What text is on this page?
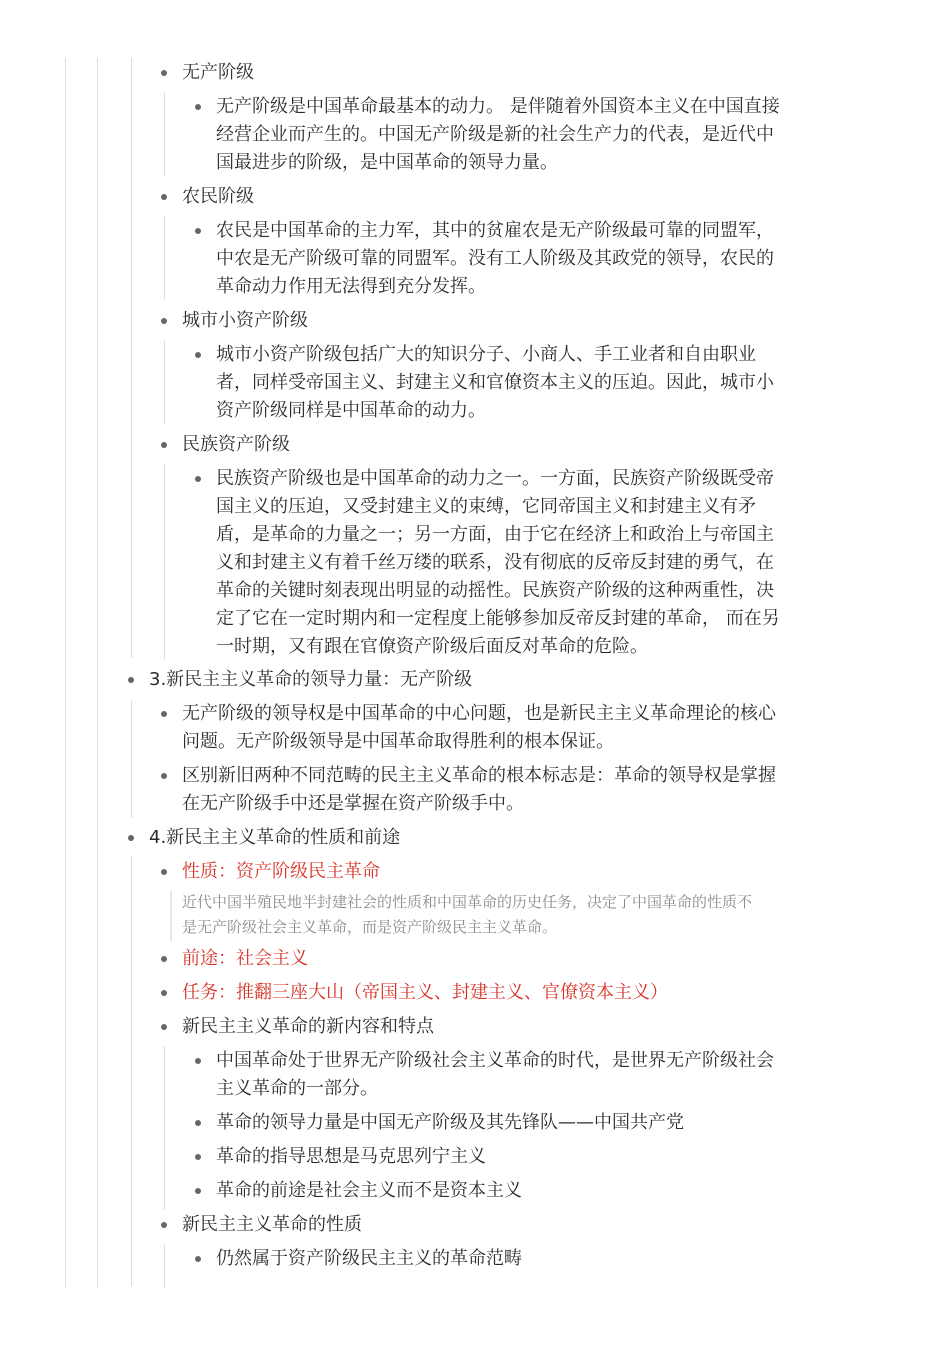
无产阶级
无产阶级是中国革命最基本的动力。 是伴随着外国资本主义在中国直接
经营企业而产生的。中国无产阶级是新的社会生产力的代表，是近代中
国最进步的阶级，是中国革命的领导力量。
农民阶级
农民是中国革命的主力军，其中的贫雇农是无产阶级最可靠的同盟军，
中农是无产阶级可靠的同盟军。没有工人阶级及其政党的领导，农民的
革命动力作用无法得到充分发挥。
城市小资产阶级
城市小资产阶级包括广大的知识分子、小商人、手工业者和自由职业
者，同样受帝国主义、封建主义和官僚资本主义的压迫。因此，城市小
资产阶级同样是中国革命的动力。
民族资产阶级
民族资产阶级也是中国革命的动力之一。一方面，民族资产阶级既受帝
国主义的压迫，又受封建主义的束缚，它同帝国主义和封建主义有矛
盾，是革命的力量之一；另一方面，由于它在经济上和政治上与帝国主
义和封建主义有着千丝万缕的联系，没有彻底的反帝反封建的勇气，在
革命的关键时刻表现出明显的动摇性。民族资产阶级的这种两重性，决
定了它在一定时期内和一定程度上能够参加反帝反封建的革命， 而在另
一时期，又有跟在官僚资产阶级后面反对革命的危险。
3.新民主主义革命的领导力量：无产阶级
无产阶级的领导权是中国革命的中心问题，也是新民主主义革命理论的核心
问题。无产阶级领导是中国革命取得胜利的根本保证。
区别新旧两种不同范畴的民主主义革命的根本标志是：革命的领导权是掌握
在无产阶级手中还是掌握在资产阶级手中。
4.新民主主义革命的性质和前途
性质：资产阶级民主革命
近代中国半殖民地半封建社会的性质和中国革命的历史任务，决定了中国革命的性质不
是无产阶级社会主义革命，而是资产阶级民主主义革命。
前途：社会主义
任务：推翻三座大山（帝国主义、封建主义、官僚资本主义）
新民主主义革命的新内容和特点
中国革命处于世界无产阶级社会主义革命的时代，是世界无产阶级社会
主义革命的一部分。
革命的领导力量是中国无产阶级及其先锋队——中国共产党
革命的指导思想是马克思列宁主义
革命的前途是社会主义而不是资本主义
新民主主义革命的性质
仍然属于资产阶级民主主义的革命范畴
